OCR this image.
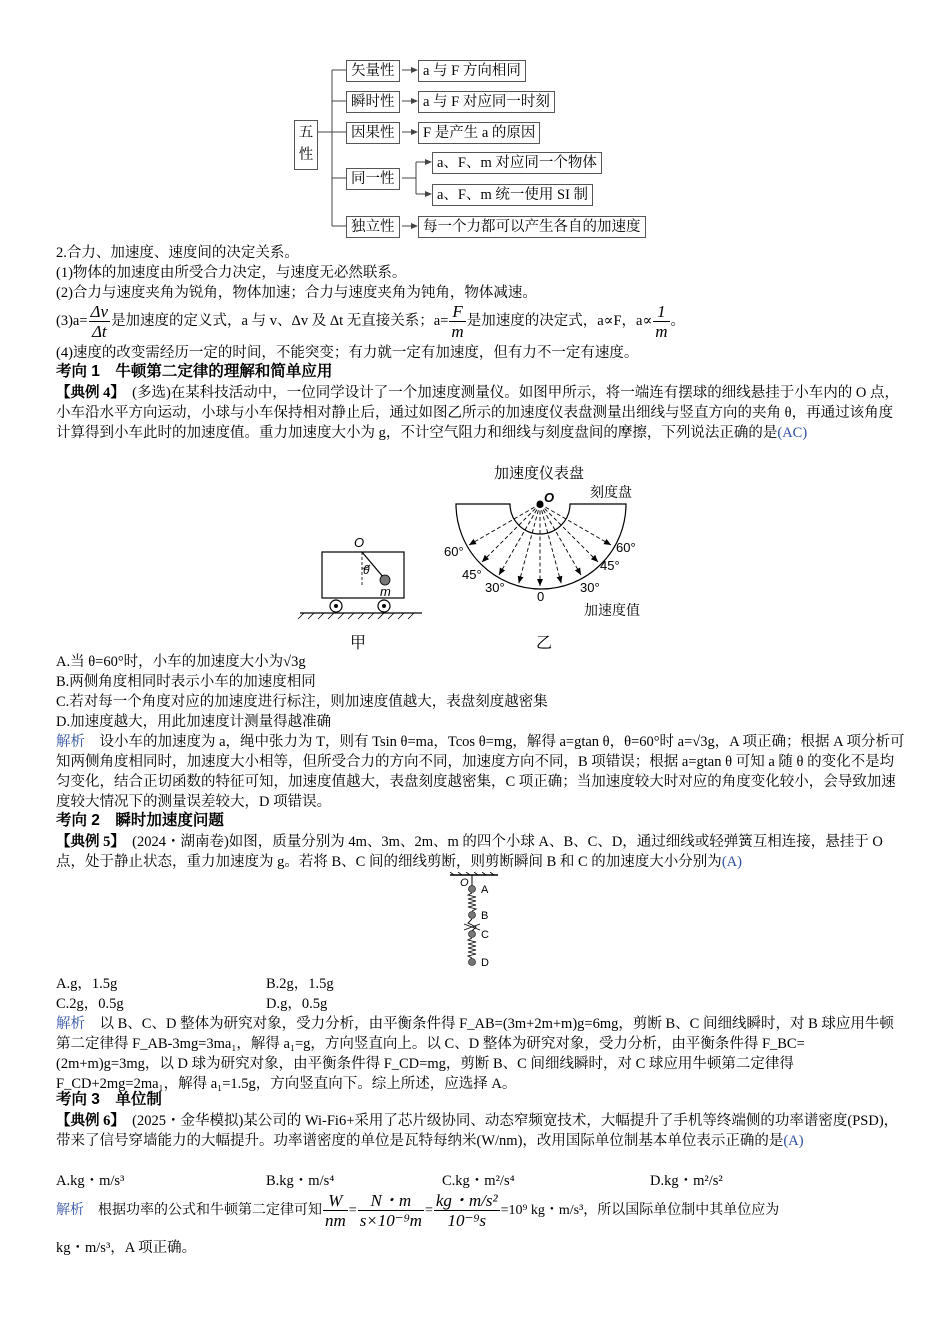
五
性
矢量性
瞬时性
因果性
同一性
独立性
a 与 F 方向相同
a 与 F 对应同一时刻
F 是产生 a 的原因
a、F、m 对应同一个物体
a、F、m 统一使用 SI 制
每一个力都可以产生各自的加速度
2.合力、加速度、速度间的决定关系。
(1)物体的加速度由所受合力决定，与速度无必然联系。
(2)合力与速度夹角为锐角，物体加速；合力与速度夹角为钝角，物体减速。
$(3)a= \frac{\Delta v}{\Delta t}$ 是加速度的定义式，a 与 v、Δv 及 Δt 无直接关系；$a= \frac{F}{m}$ 是加速度的决定式，a∝F，$a\propto \frac{1}{m}$ 。
(4)速度的改变需经历一定的时间，不能突变；有力就一定有加速度，但有力不一定有速度。
考向 1　牛顿第二定律的理解和简单应用
【典例 4】　(多选)在某科技活动中，一位同学设计了一个加速度测量仪。如图甲所示，将一端连有摆球的细线悬挂于小车内的 O 点，小车沿水平方向运动，小球与小车保持相对静止后，通过如图乙所示的加速度仪表盘测量出细线与竖直方向的夹角 θ，再通过该角度计算得到小车此时的加速度值。重力加速度大小为 g，不计空气阻力和细线与刻度盘间的摩擦，下列说法正确的是(AC)
O
θ
m
甲
加速度仪表盘
刻度盘
O
60°
45°
30°
0
30°
45°
60°
加速度值
乙
A.当 θ=60°时，小车的加速度大小为√3g
B.两侧角度相同时表示小车的加速度相同
C.若对每一个角度对应的加速度进行标注，则加速度值越大，表盘刻度越密集
D.加速度越大，用此加速度计测量得越准确
解析　设小车的加速度为 a，绳中张力为 T，则有 Tsin θ=ma，Tcos θ=mg，解得 a=gtan θ，θ=60°时 a=√3g，A 项正确；根据 A 项分析可知两侧角度相同时，加速度大小相等，但所受合力的方向不同，加速度方向不同，B 项错误；根据 a=gtan θ 可知 a 随 θ 的变化不是均匀变化，结合正切函数的特征可知，加速度值越大，表盘刻度越密集，C 项正确；当加速度较大时对应的角度变化较小，会导致加速度较大情况下的测量误差较大，D 项错误。
考向 2　瞬时加速度问题
【典例 5】　(2024・湖南卷)如图，质量分别为 4m、3m、2m、m 的四个小球 A、B、C、D，通过细线或轻弹簧互相连接，悬挂于 O 点，处于静止状态，重力加速度为 g。若将 B、C 间的细线剪断，则剪断瞬间 B 和 C 的加速度大小分别为(A)
O
A
B
C
D
A.g，1.5g	B.2g，1.5g
C.2g，0.5g	D.g，0.5g
解析　以 B、C、D 整体为研究对象，受力分析，由平衡条件得 F_AB=(3m+2m+m)g=6mg，剪断 B、C 间细线瞬时，对 B 球应用牛顿第二定律得 F_AB-3mg=3ma₁，解得 a₁=g，方向竖直向上。以 C、D 整体为研究对象，受力分析，由平衡条件得 F_BC=(2m+m)g=3mg，以 D 球为研究对象，由平衡条件得 F_CD=mg，剪断 B、C 间细线瞬时，对 C 球应用牛顿第二定律得 F_CD+2mg=2ma₁，解得 a₁=1.5g，方向竖直向下。综上所述，应选择 A。
考向 3　单位制
【典例 6】　(2025・金华模拟)某公司的 Wi-Fi6+采用了芯片级协同、动态窄频宽技术，大幅提升了手机等终端侧的功率谱密度(PSD)，带来了信号穿墙能力的大幅提升。功率谱密度的单位是瓦特每纳米(W/nm)，改用国际单位制基本单位表示正确的是(A)
A.kg・m/s³	B.kg・m/s⁴	C.kg・m²/s⁴	D.kg・m²/s²
解析　根据功率的公式和牛顿第二定律可知 $\frac{W}{nm} = \frac{N・m}{\text{s×10⁻⁹m}} = \frac{\text{kg・m/s²}}{\text{10⁻⁹s}} =10^9$ kg・m/s³，所以国际单位制中其单位应为
kg・m/s³，A 项正确。
